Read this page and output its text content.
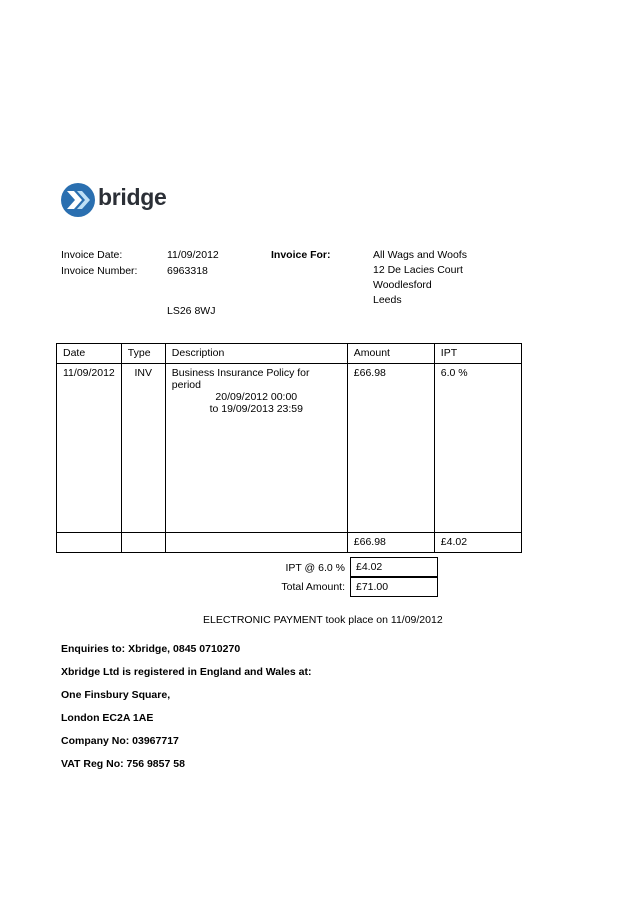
bridge
Invoice Date:	11/09/2012
Invoice Number:	6963318
LS26 8WJ
Invoice For:	All Wags and Woofs
12 De Lacies Court
Woodlesford
Leeds
Date	Type	Description	Amount	IPT
11/09/2012	INV	Business Insurance Policy for period
20/09/2012 00:00
to 19/09/2013 23:59	£66.98	6.0 %
			£66.98	£4.02
IPT @ 6.0 %	£4.02
Total Amount:	£71.00
ELECTRONIC PAYMENT took place on 11/09/2012
Enquiries to: Xbridge, 0845 0710270
Xbridge Ltd is registered in England and Wales at:
One Finsbury Square,
London EC2A 1AE
Company No: 03967717
VAT Reg No: 756 9857 58
